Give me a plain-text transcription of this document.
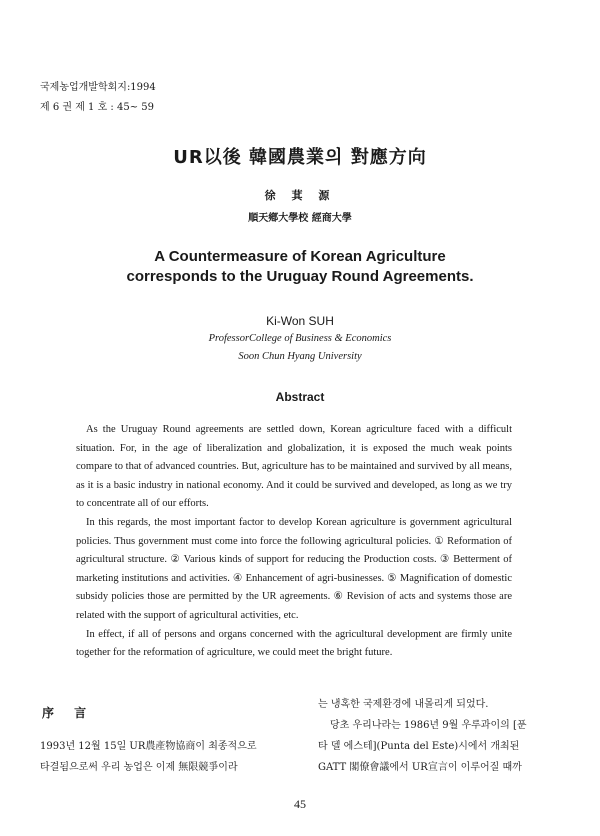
국제농업개발학회지:1994
제 6 권 제 1 호 : 45~ 59
UR以後 韓國農業의 對應方向
徐 萁 源
順天鄕大學校 經商大學
A Countermeasure of Korean Agriculture
corresponds to the Uruguay Round Agreements.
Ki-Won SUH
ProfessorCollege of Business & Economics
Soon Chun Hyang University
Abstract

As the Uruguay Round agreements are settled down, Korean agriculture faced with a difficult situation. For, in the age of liberalization and globalization, it is exposed the much weak points compare to that of advanced countries. But, agriculture has to be maintained and survived by all means, as it is a basic industry in national economy. And it could be survived and developed, as long as we try to concentrate all of our efforts.

In this regards, the most important factor to develop Korean agriculture is government agricultural policies. Thus government must come into force the following agricultural policies. ① Reformation of agricultural structure. ② Various kinds of support for reducing the Production costs. ③ Betterment of marketing institutions and activities. ④ Enhancement of agri-businesses. ⑤ Magnification of domestic subsidy policies those are permitted by the UR agreements. ⑥ Revision of acts and systems those are related with the support of agricultural activities, etc.

In effect, if all of persons and organs concerned with the agricultural development are firmly unite together for the reformation of agriculture, we could meet the bright future.

序 言

1993년 12월 15일 UR農產物協商이 최종적으로

타결됨으로써 우리 농업은 이제 無限競爭이라

는 냉혹한 국제환경에 내몰리게 되었다.

당초 우리나라는 1986년 9월 우루과이의 [푼

타 델 에스테](Punta del Este)시에서 개최된

GATT 閣僚會議에서 UR宣言이 이루어질 때까

45
